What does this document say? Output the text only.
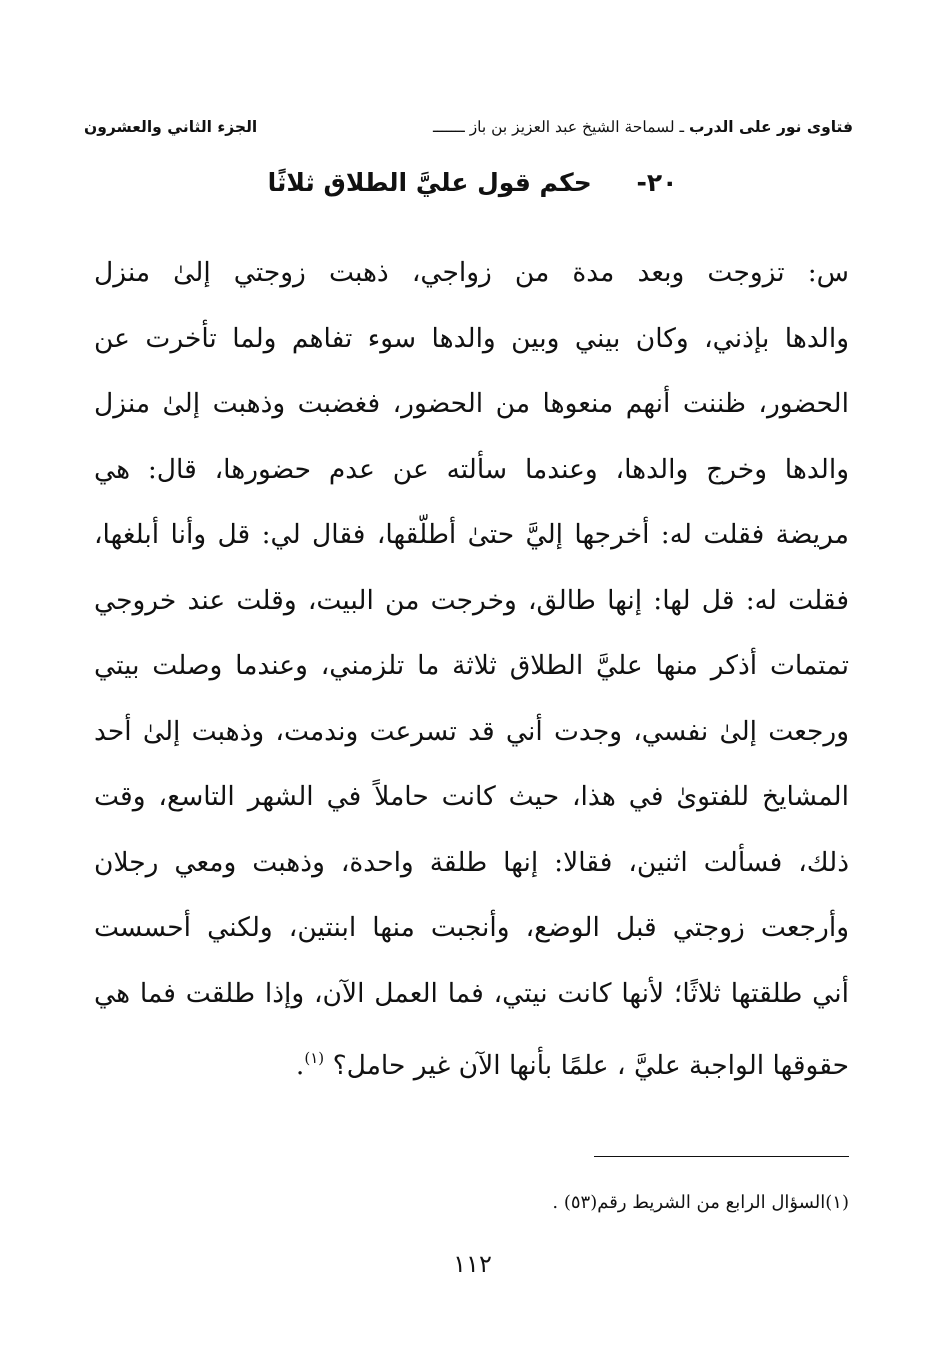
فتاوى نور على الدرب ـ لسماحة الشيخ عبد العزيز بن باز ـــــــ
الجزء الثاني والعشرون
٢٠- حكم قول عليَّ الطلاق ثلاثًا
س: تزوجت وبعد مدة من زواجي، ذهبت زوجتي إلىٰ منزل
والدها بإذني، وكان بيني وبين والدها سوء تفاهم ولما تأخرت عن
الحضور، ظننت أنهم منعوها من الحضور، فغضبت وذهبت إلىٰ منزل
والدها وخرج والدها، وعندما سألته عن عدم حضورها، قال: هي
مريضة فقلت له: أخرجها إليَّ حتىٰ أطلّقها، فقال لي: قل وأنا أبلغها،
فقلت له: قل لها: إنها طالق، وخرجت من البيت، وقلت عند خروجي
تمتمات أذكر منها عليَّ الطلاق ثلاثة ما تلزمني، وعندما وصلت بيتي
ورجعت إلىٰ نفسي، وجدت أني قد تسرعت وندمت، وذهبت إلىٰ أحد
المشايخ للفتوىٰ في هذا، حيث كانت حاملاً في الشهر التاسع، وقت
ذلك، فسألت اثنين، فقالا: إنها طلقة واحدة، وذهبت ومعي رجلان
وأرجعت زوجتي قبل الوضع، وأنجبت منها ابنتين، ولكني أحسست
أني طلقتها ثلاثًا؛ لأنها كانت نيتي، فما العمل الآن، وإذا طلقت فما هي
حقوقها الواجبة عليَّ ، علمًا بأنها الآن غير حامل؟ $^{(١)}$.
(١)السؤال الرابع من الشريط رقم(٥٣) .
١١٢
